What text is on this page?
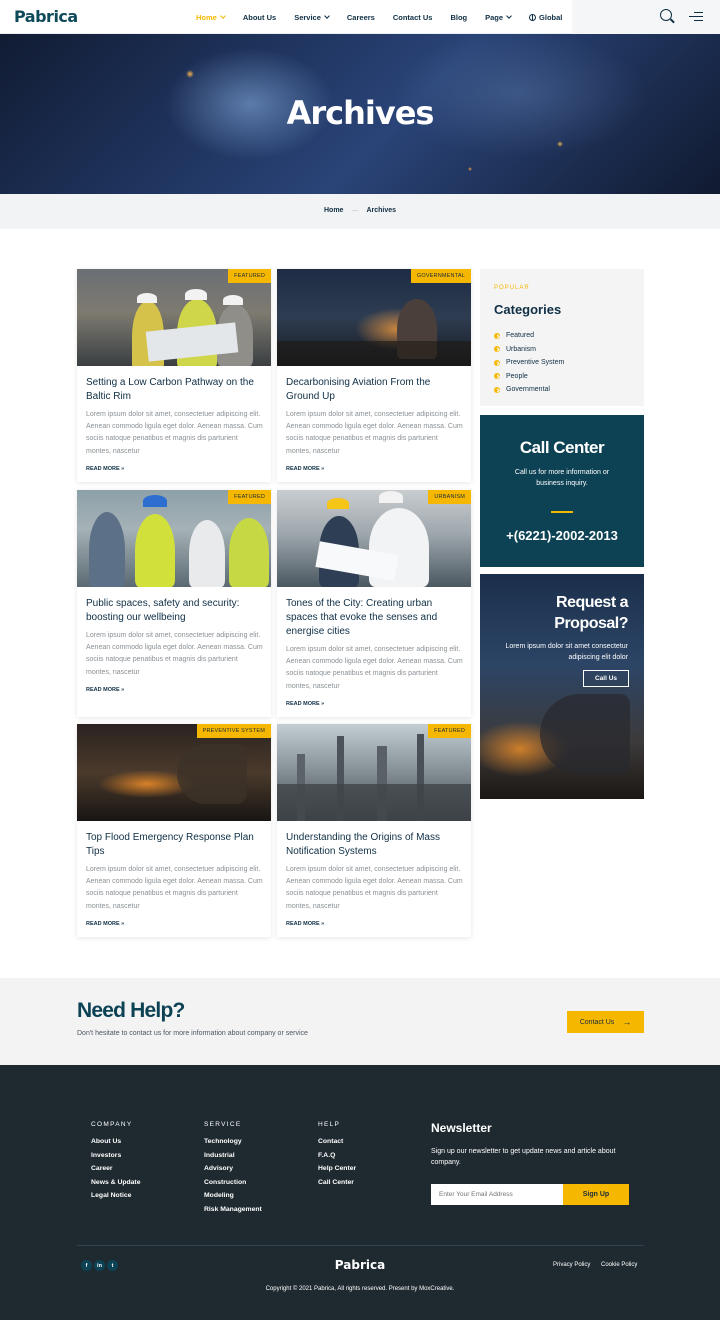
Pabrica	Home	About Us Service	Careers Contact Us Blog Page	Global
Archives
Home — Archives
FEATURED
Setting a Low Carbon Pathway on the Baltic Rim
Lorem ipsum dolor sit amet, consectetuer adipiscing elit. Aenean commodo ligula eget dolor. Aenean massa. Cum sociis natoque penatibus et magnis dis parturient montes, nascetur
READ MORE »
GOVERNMENTAL
Decarbonising Aviation From the Ground Up
Lorem ipsum dolor sit amet, consectetuer adipiscing elit. Aenean commodo ligula eget dolor. Aenean massa. Cum sociis natoque penatibus et magnis dis parturient montes, nascetur
READ MORE »
FEATURED
Public spaces, safety and security: boosting our wellbeing
Lorem ipsum dolor sit amet, consectetuer adipiscing elit. Aenean commodo ligula eget dolor. Aenean massa. Cum sociis natoque penatibus et magnis dis parturient montes, nascetur
READ MORE »
URBANISM
Tones of the City: Creating urban spaces that evoke the senses and energise cities
Lorem ipsum dolor sit amet, consectetuer adipiscing elit. Aenean commodo ligula eget dolor. Aenean massa. Cum sociis natoque penatibus et magnis dis parturient montes, nascetur
READ MORE »
PREVENTIVE SYSTEM
Top Flood Emergency Response Plan Tips
Lorem ipsum dolor sit amet, consectetuer adipiscing elit. Aenean commodo ligula eget dolor. Aenean massa. Cum sociis natoque penatibus et magnis dis parturient montes, nascetur
READ MORE »
FEATURED
Understanding the Origins of Mass Notification Systems
Lorem ipsum dolor sit amet, consectetuer adipiscing elit. Aenean commodo ligula eget dolor. Aenean massa. Cum sociis natoque penatibus et magnis dis parturient montes, nascetur
READ MORE »
POPULAR
Categories
Featured
Urbanism
Preventive System
People
Governmental
Call Center
Call us for more information or business inquiry.
+(6221)-2002-2013
Request a Proposal?
Lorem ipsum dolor sit amet consectetur adipiscing elit dolor
Call Us
Need Help?
Don't hesitate to contact us for more information about company or service
Contact Us →
COMPANY
About Us
Investors
Career
News & Update
Legal Notice
SERVICE
Technology
Industrial
Advisory
Construction
Modeling
Risk Management
HELP
Contact
F.A.Q
Help Center
Call Center
Newsletter
Sign up our newsletter to get update news and article about company.
Enter Your Email Address
Sign Up
f	in	t	Pabrica	Privacy Policy Cookie Policy
Copyright © 2021 Pabrica, All rights reserved. Present by MoxCreative.
